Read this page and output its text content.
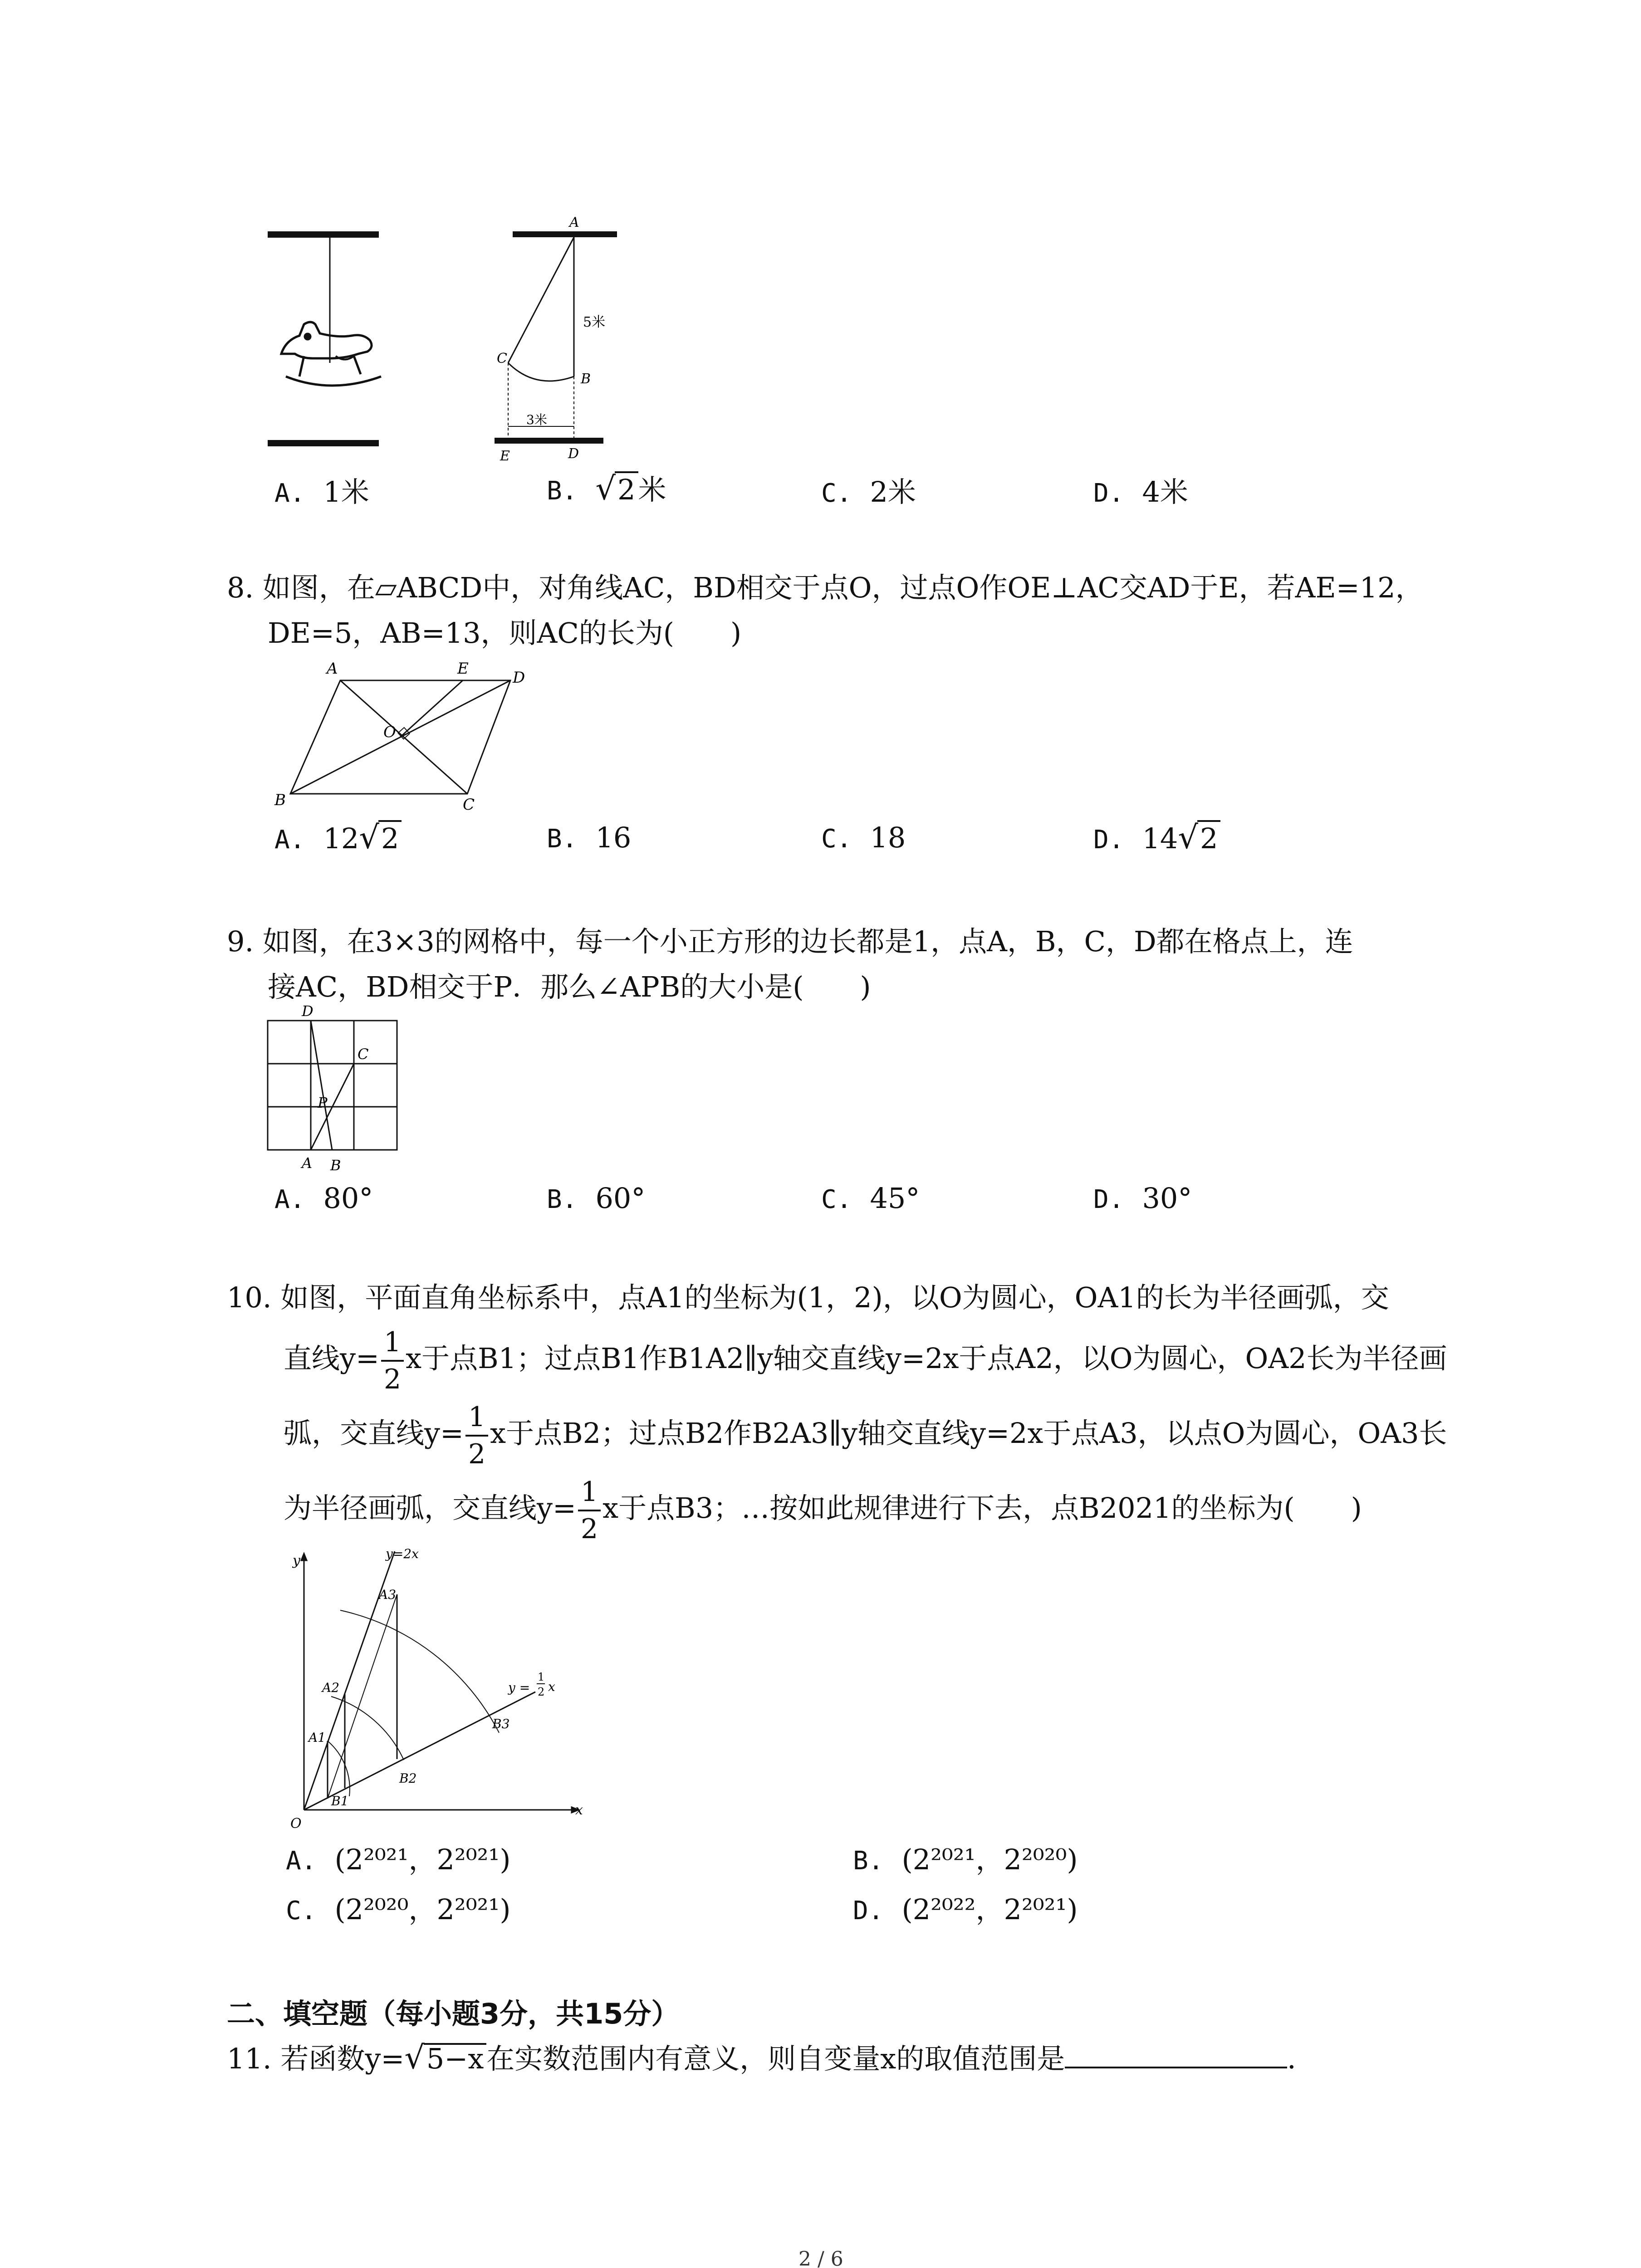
A
5米
C
B
3米
E	D
A. 1米	B. √2米	C. 2米	D. 4米
8. 如图，在▱ABCD中，对角线AC，BD相交于点O，过点O作OE⊥AC交AD于E，若AE=12，
DE=5，AB=13，则AC的长为(　　)
A	E	D
O
B	C
A. 12√2	B. 16	C. 18	D. 14√2
9. 如图，在3×3的网格中，每一个小正方形的边长都是1，点A，B，C，D都在格点上，连
接AC，BD相交于P．那么∠APB的大小是(　　)
D
C
P
A B
A. 80°	B. 60°	C. 45°	D. 30°
10. 如图，平面直角坐标系中，点A1的坐标为(1，2)，以O为圆心，OA1的长为半径画弧，交
直线$y= \frac{1}{2}$ x于点B1；过点B1作B1A2∥y轴交直线y=2x于点A2，以O为圆心，OA2长为半径画
弧，交直线$y= \frac{1}{2}$ x于点B2；过点B2作B2A3∥y轴交直线y=2x于点A3，以点O为圆心，OA3长
为半径画弧，交直线$y= \frac{1}{2}$ x于点B3；…按如此规律进行下去，点B2021的坐标为(　　)
y
x
O
y=2x
y =
1
2 x
A1
A2
A3
B1
B2
B3
A. (2²⁰²¹，2²⁰²¹)	B. (2²⁰²¹，2²⁰²⁰)
C. (2²⁰²⁰，2²⁰²¹)	D. (2²⁰²²，2²⁰²¹)
二、填空题（每小题3分，共15分）
11. 若函数y=√5−x在实数范围内有意义，则自变量x的取值范围是	．
2 / 6
